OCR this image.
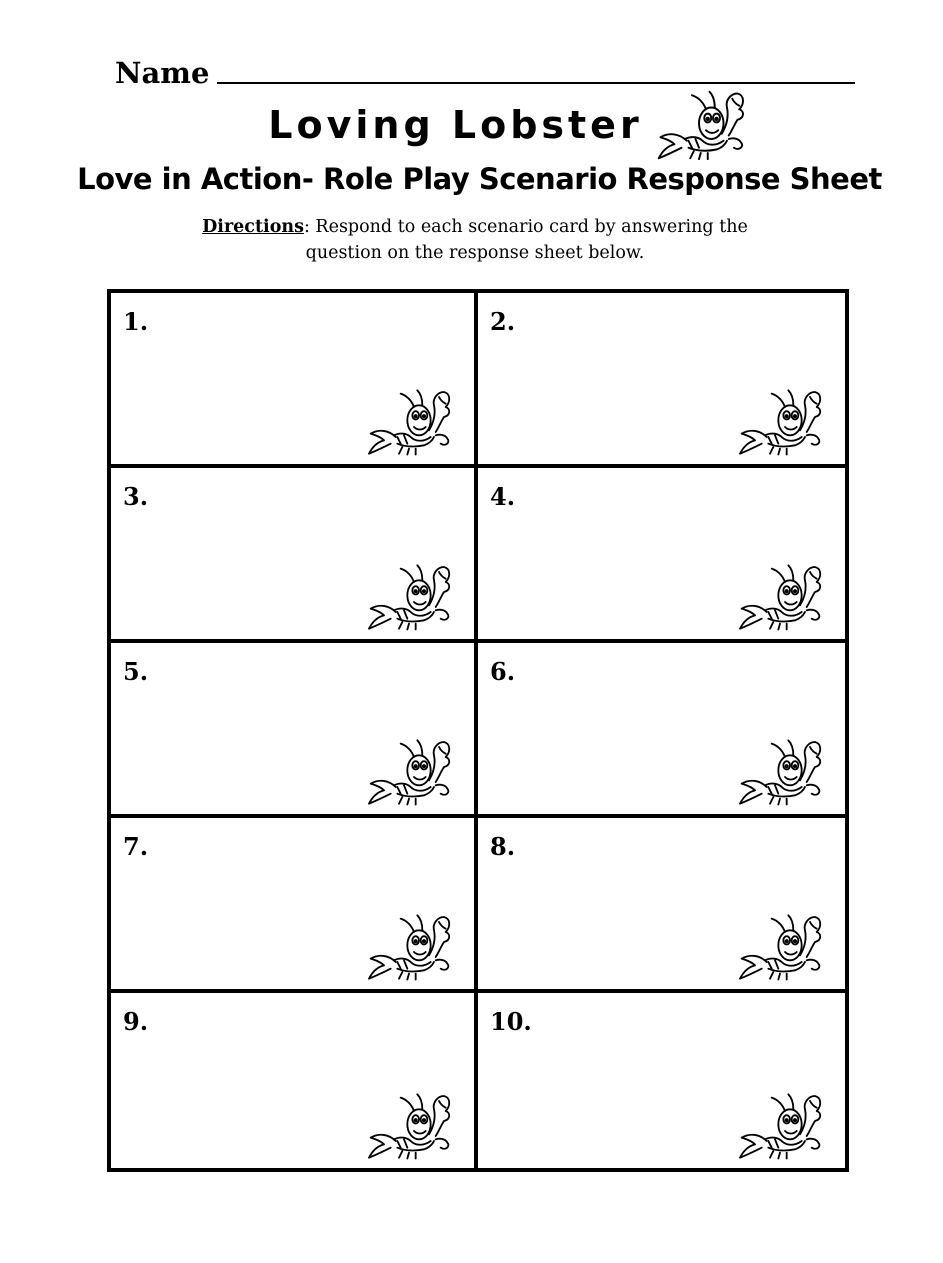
Name
Loving Lobster
Love in Action- Role Play Scenario Response Sheet
Directions: Respond to each scenario card by answering the question on the response sheet below.
1.	2.
3.	4.
5.	6.
7.	8.
9.	10.
